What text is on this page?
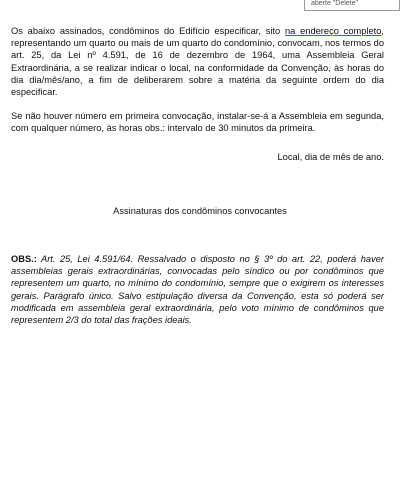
aberte "Delete"

Os abaixo assinados, condôminos do Edifício especificar, sito na endereço completo, representando um quarto ou mais de um quarto do condomínio, convocam, nos termos do art. 25, da Lei nº 4.591, de 16 de dezembro de 1964, uma Assembleia Geral Extraordinária, a se realizar indicar o local, na conformidade da Convenção, às horas do dia dia/mês/ano, a fim de deliberarem sobre a matéria da seguinte ordem do dia especificar.

Se não houver número em primeira convocação, instalar-se-á a Assembleia em segunda, com qualquer número, às horas obs.: intervalo de 30 minutos da primeira.

Local, dia de mês de ano.

Assinaturas dos condôminos convocantes

OBS.: Art. 25, Lei 4.591/64. Ressalvado o disposto no § 3º do art. 22, poderá haver assembleias gerais extraordinárias, convocadas pelo síndico ou por condôminos que representem um quarto, no mínimo do condomínio, sempre que o exigirem os interesses gerais. Parágrafo único. Salvo estipulação diversa da Convenção, esta só poderá ser modificada em assembleia geral extraordinária, pelo voto mínimo de condôminos que representem 2/3 do total das frações ideais.
